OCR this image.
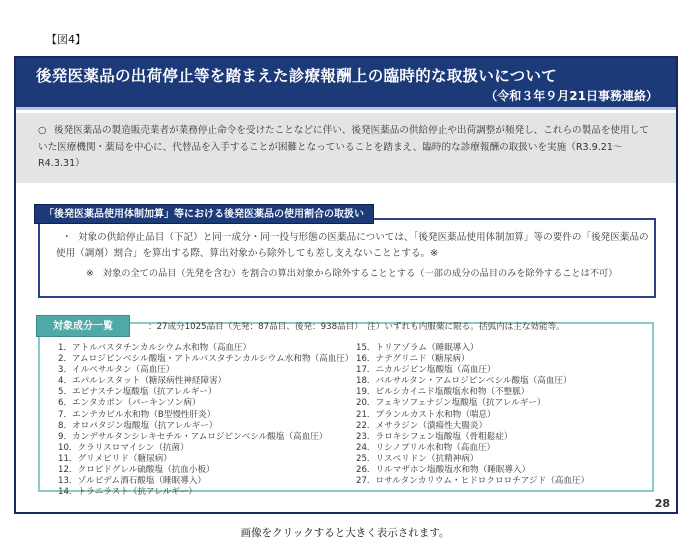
【図4】
後発医薬品の出荷停止等を踏まえた診療報酬上の臨時的な取扱いについて
（令和３年９月21日事務連絡）
○ 後発医薬品の製造販売業者が業務停止命令を受けたことなどに伴い、後発医薬品の供給停止や出荷調整が頻発し、これらの製品を使用していた医療機関・薬局を中心に、代替品を入手することが困難となっていることを踏まえ、臨時的な診療報酬の取扱いを実施（R3.9.21～R4.3.31）
「後発医薬品使用体制加算」等における後発医薬品の使用割合の取扱い
・ 対象の供給停止品目（下記）と同一成分・同一投与形態の医薬品については、「後発医薬品使用体制加算」等の要件の「後発医薬品の使用（調剤）割合」を算出する際、算出対象から除外しても差し支えないこととする。※
※　対象の全ての品目（先発を含む）を割合の算出対象から除外することとする（一部の成分の品目のみを除外することは不可）
対象成分一覧	：27成分1025品目（先発：87品目、後発：938品目）　注）いずれも内服薬に限る。括弧内は主な効能等。
1．アトルバスタチンカルシウム水和物（高血圧）
2．アムロジピンベシル酸塩・アトルバスタチンカルシウム水和物（高血圧）
3．イルベサルタン（高血圧）
4．エパルレスタット（糖尿病性神経障害）
5．エピナスチン塩酸塩（抗アレルギー）
6．エンタカポン（パーキンソン病）
7．エンテカビル水和物（B型慢性肝炎）
8．オロパタジン塩酸塩（抗アレルギー）
9．カンデサルタンシレキセチル・アムロジピンベシル酸塩（高血圧）
10．クラリスロマイシン（抗菌）
11．グリメピリド（糖尿病）
12．クロピドグレル硫酸塩（抗血小板）
13．ゾルピデム酒石酸塩（睡眠導入）
14．トラニラスト（抗アレルギー）
15．トリアゾラム（睡眠導入）
16．ナテグリニド（糖尿病）
17．ニカルジピン塩酸塩（高血圧）
18．バルサルタン・アムロジピンベシル酸塩（高血圧）
19．ピルシカイニド塩酸塩水和物（不整脈）
20．フェキソフェナジン塩酸塩（抗アレルギー）
21．プランルカスト水和物（喘息）
22．メサラジン（潰瘍性大腸炎）
23．ラロキシフェン塩酸塩（骨粗鬆症）
24．リシノプリル水和物（高血圧）
25．リスペリドン（抗精神病）
26．リルマザホン塩酸塩水和物（睡眠導入）
27．ロサルタンカリウム・ヒドロクロロチアジド（高血圧）
28
画像をクリックすると大きく表示されます。
